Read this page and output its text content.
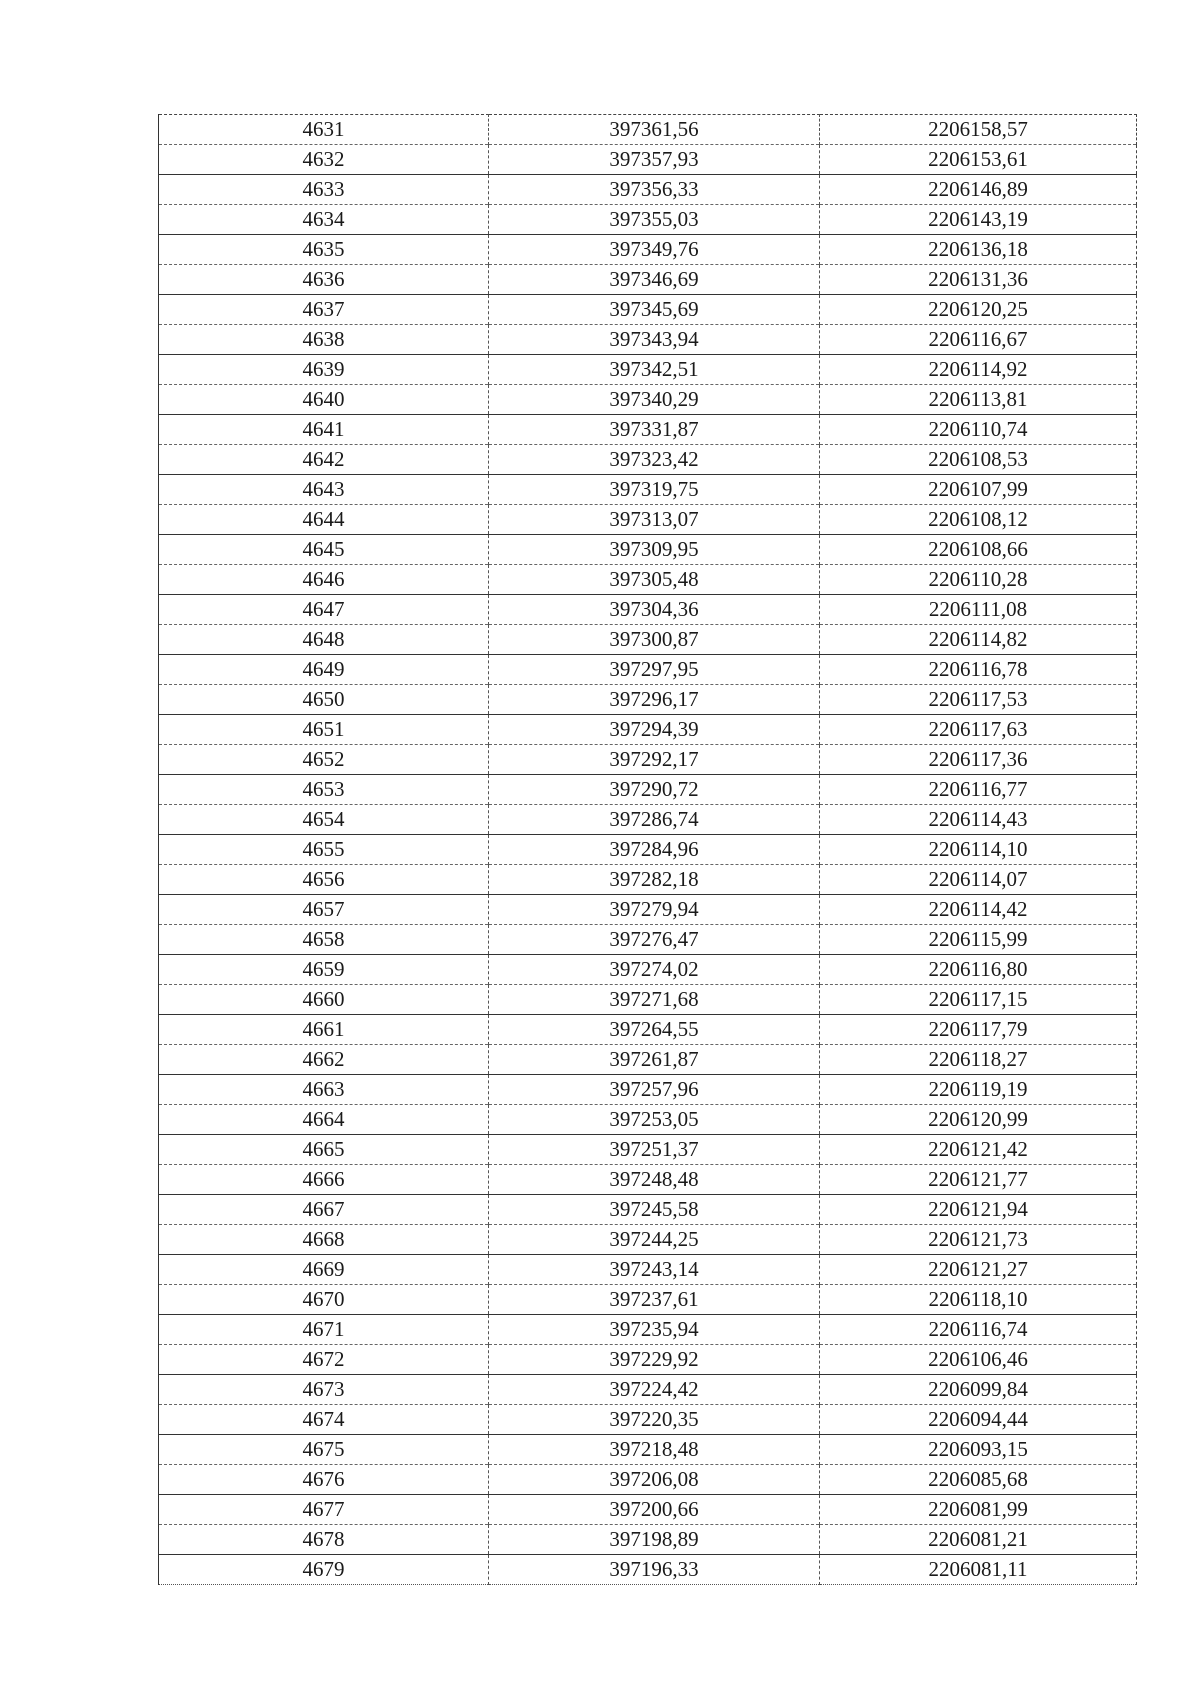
4631	397361,56	2206158,57
4632	397357,93	2206153,61
4633	397356,33	2206146,89
4634	397355,03	2206143,19
4635	397349,76	2206136,18
4636	397346,69	2206131,36
4637	397345,69	2206120,25
4638	397343,94	2206116,67
4639	397342,51	2206114,92
4640	397340,29	2206113,81
4641	397331,87	2206110,74
4642	397323,42	2206108,53
4643	397319,75	2206107,99
4644	397313,07	2206108,12
4645	397309,95	2206108,66
4646	397305,48	2206110,28
4647	397304,36	2206111,08
4648	397300,87	2206114,82
4649	397297,95	2206116,78
4650	397296,17	2206117,53
4651	397294,39	2206117,63
4652	397292,17	2206117,36
4653	397290,72	2206116,77
4654	397286,74	2206114,43
4655	397284,96	2206114,10
4656	397282,18	2206114,07
4657	397279,94	2206114,42
4658	397276,47	2206115,99
4659	397274,02	2206116,80
4660	397271,68	2206117,15
4661	397264,55	2206117,79
4662	397261,87	2206118,27
4663	397257,96	2206119,19
4664	397253,05	2206120,99
4665	397251,37	2206121,42
4666	397248,48	2206121,77
4667	397245,58	2206121,94
4668	397244,25	2206121,73
4669	397243,14	2206121,27
4670	397237,61	2206118,10
4671	397235,94	2206116,74
4672	397229,92	2206106,46
4673	397224,42	2206099,84
4674	397220,35	2206094,44
4675	397218,48	2206093,15
4676	397206,08	2206085,68
4677	397200,66	2206081,99
4678	397198,89	2206081,21
4679	397196,33	2206081,11
